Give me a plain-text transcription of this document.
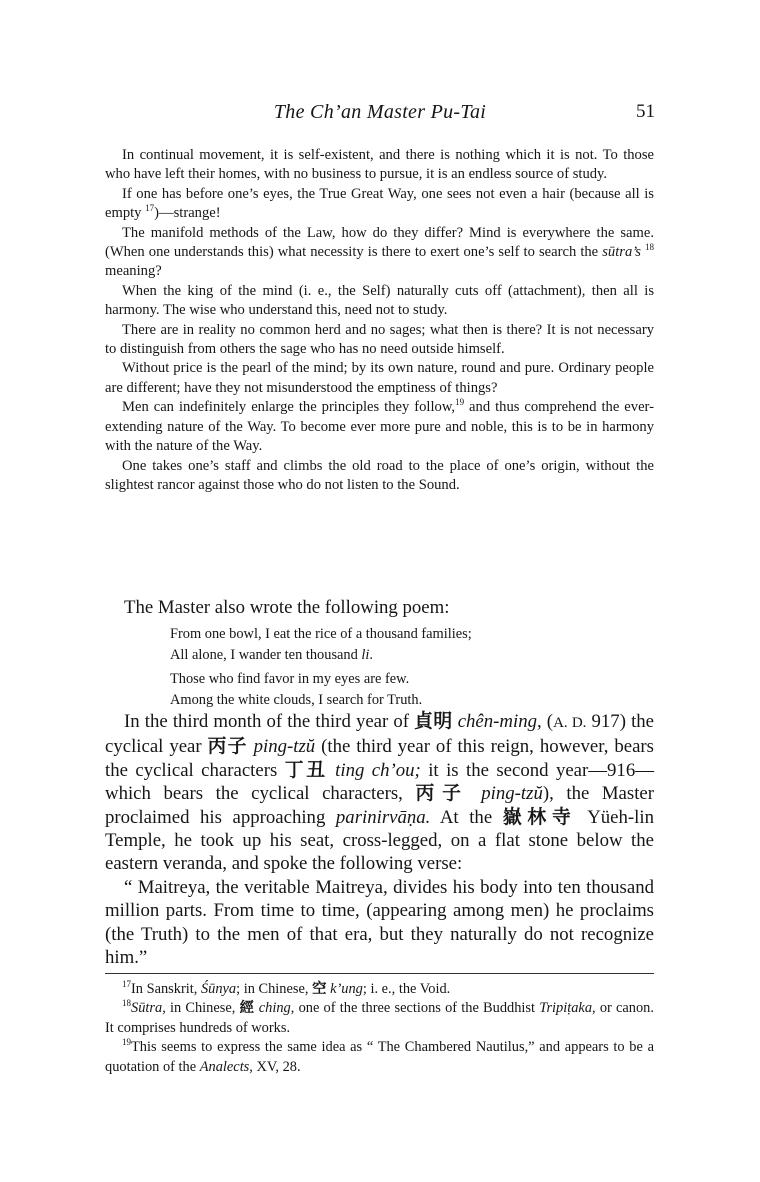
The Ch’an Master Pu-Tai	51

In continual movement, it is self-existent, and there is nothing which it is not. To those who have left their homes, with no business to pursue, it is an endless source of study.

If one has before one’s eyes, the True Great Way, one sees not even a hair (because all is empty $^{17}$)—strange!

The manifold methods of the Law, how do they differ? Mind is everywhere the same. (When one understands this) what necessity is there to exert one’s self to search the sūtra’s $^{18}$ meaning?

When the king of the mind (i. e., the Self) naturally cuts off (attachment), then all is harmony. The wise who understand this, need not to study.

There are in reality no common herd and no sages; what then is there? It is not necessary to distinguish from others the sage who has no need outside himself.

Without price is the pearl of the mind; by its own nature, round and pure. Ordinary people are different; have they not misunderstood the emptiness of things?

Men can indefinitely enlarge the principles they follow,$^{19}$ and thus comprehend the ever-extending nature of the Way. To become ever more pure and noble, this is to be in harmony with the nature of the Way.

One takes one’s staff and climbs the old road to the place of one’s origin, without the slightest rancor against those who do not listen to the Sound.

The Master also wrote the following poem:

From one bowl, I eat the rice of a thousand families;
All alone, I wander ten thousand li.
Those who find favor in my eyes are few.
Among the white clouds, I search for Truth.

In the third month of the third year of 貞明 chên-ming, (A. D. 917) the cyclical year 丙子 ping-tzŭ (the third year of this reign, however, bears the cyclical characters 丁丑 ting ch’ou; it is the second year—916—which bears the cyclical characters, 丙子 ping-tzŭ), the Master proclaimed his approaching parinirvāṇa. At the 嶽林寺 Yüeh-lin Temple, he took up his seat, cross-legged, on a flat stone below the eastern veranda, and spoke the following verse:

“ Maitreya, the veritable Maitreya, divides his body into ten thousand million parts. From time to time, (appearing among men) he proclaims (the Truth) to the men of that era, but they naturally do not recognize him.”

$^{17}$In Sanskrit, Śūnya; in Chinese, 空 k’ung; i. e., the Void.

$^{18}$Sūtra, in Chinese, 經 ching, one of the three sections of the Buddhist Tripiṭaka, or canon. It comprises hundreds of works.

$^{19}$This seems to express the same idea as “ The Chambered Nautilus,” and appears to be a quotation of the Analects, XV, 28.
